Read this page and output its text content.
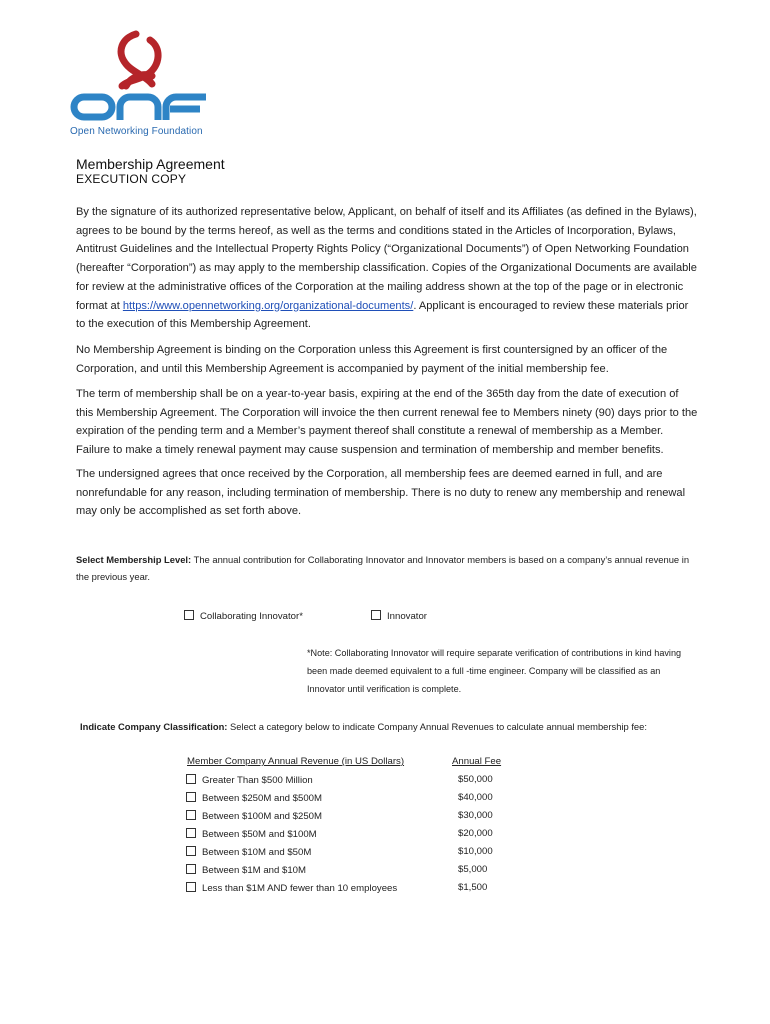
Open Networking Foundation
Membership Agreement
EXECUTION COPY
By the signature of its authorized representative below, Applicant, on behalf of itself and its Affiliates (as defined in the Bylaws), agrees to be bound by the terms hereof, as well as the terms and conditions stated in the Articles of Incorporation, Bylaws, Antitrust Guidelines and the Intellectual Property Rights Policy (“Organizational Documents”) of Open Networking Foundation (hereafter “Corporation”) as may apply to the membership classification. Copies of the Organizational Documents are available for review at the administrative offices of the Corporation at the mailing address shown at the top of the page or in electronic format at https://www.opennetworking.org/organizational-documents/. Applicant is encouraged to review these materials prior to the execution of this Membership Agreement.
No Membership Agreement is binding on the Corporation unless this Agreement is first countersigned by an officer of the Corporation, and until this Membership Agreement is accompanied by payment of the initial membership fee.
The term of membership shall be on a year-to-year basis, expiring at the end of the 365th day from the date of execution of this Membership Agreement. The Corporation will invoice the then current renewal fee to Members ninety (90) days prior to the expiration of the pending term and a Member’s payment thereof shall constitute a renewal of membership as a Member. Failure to make a timely renewal payment may cause suspension and termination of membership and member benefits.
The undersigned agrees that once received by the Corporation, all membership fees are deemed earned in full, and are nonrefundable for any reason, including termination of membership. There is no duty to renew any membership and renewal may only be accomplished as set forth above.
Select Membership Level: The annual contribution for Collaborating Innovator and Innovator members is based on a company’s annual revenue in the previous year.
Collaborating Innovator*	Innovator
*Note: Collaborating Innovator will require separate verification of contributions in kind having been made deemed equivalent to a full -time engineer. Company will be classified as an Innovator until verification is complete.
Indicate Company Classification: Select a category below to indicate Company Annual Revenues to calculate annual membership fee:
Member Company Annual Revenue (in US Dollars)	Annual Fee
Greater Than $500 Million	$50,000
Between $250M and $500M	$40,000
Between $100M and $250M	$30,000
Between $50M and $100M	$20,000
Between $10M and $50M	$10,000
Between $1M and $10M	$5,000
Less than $1M AND fewer than 10 employees	$1,500
